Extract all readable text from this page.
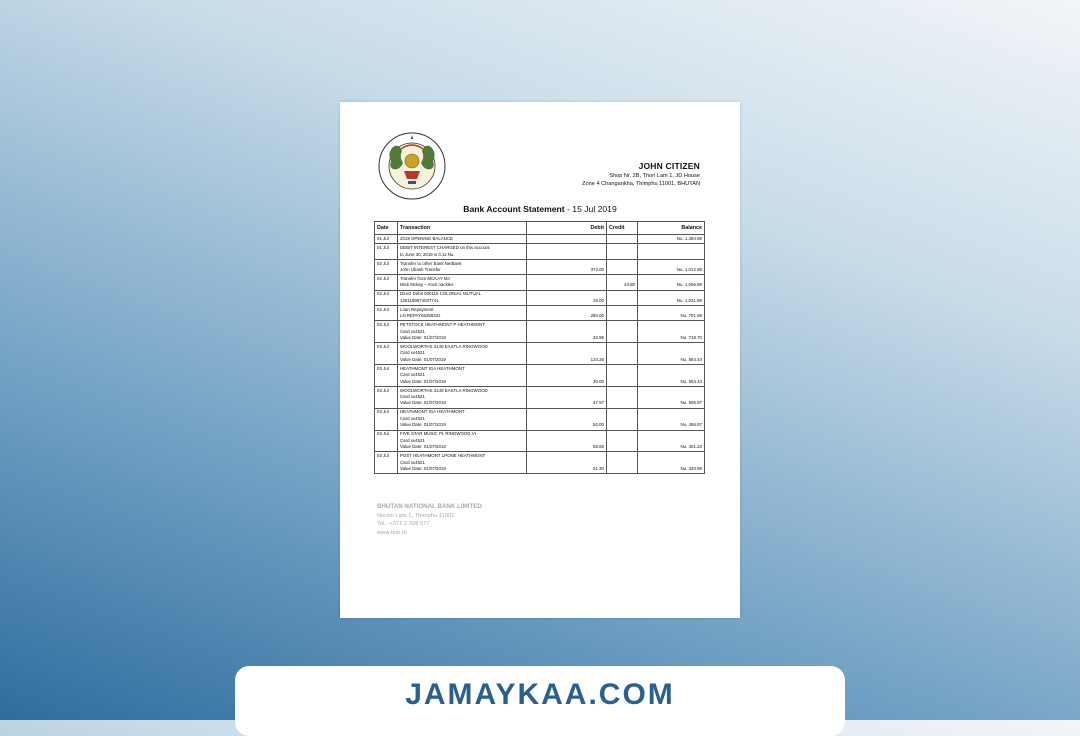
JOHN CITIZEN
Shop Nr. 2B, Thori Lam 1, JD House
Zone 4 Changankha, Thimphu 11001, BHUTAN
Bank Account Statement - 15 Jul 2019
Date	Transaction	Debit	Credit	Balance
01 Jul	2019 OPENING BALANCE			Nu. 1,384.89
01 Jul	DEBIT INTEREST CHARGED on this account
to June 30, 2019 is 0.11 Nu.			

02 Jul	Transfer to other Bank NetBank
John Ubank Transfer	372.00		Nu. 1,012.89
02 Jul	Transfer from MCKAY MJ
Mick Mckay – Anck nackles		43.80	Nu. 1,056.69
02 Jul	Direct Debit 000115 COLONIAL MUTUAL
1261189874037741	25.00		Nu. 1,031.69
02 Jul	Loan Repayment
LN REPAY65259331	280.00		Nu. 751.69
03 Jul	PETSTOCK HEATHMONT P HEATHMONT
Card xx4521
Value Date: 01/07/2019	32.99		Nu. 718.70
03 Jul	WOOLWORTHS 3149 EASTLA RINGWOOD
Card xx4521
Value Date: 01/07/2019	134.26		Nu. 584.44
03 Jul	HEATHMONT IGA HEATHMONT
Card xx4521
Value Date: 01/07/2019	30.00		Nu. 554.44
03 Jul	WOOLWORTHS 3149 EASTLA RINGWOOD
Card xx4521
Value Date: 01/07/2019	47.57		Nu. 506.87
03 Jul	HEATHMONT IGA HEATHMONT
Card xx4521
Value Date: 01/07/2019	50.00		Nu. 456.87
03 Jul	FIVE STAR MUSIC PL RINGWOOD VI
Card xx4521
Value Date: 01/07/2019	55.65		Nu. 401.22
03 Jul	POST HEATHMONT LPONE HEATHMONT
Card xx4521
Value Date: 01/07/2019	51.30		Nu. 420.99
BHUTAN NATIONAL BANK LIMITED
Norzin Lam 1, Thimphu 11001
Tel.: +971 2 328 577
www.bnb.bt
JAMAYKAA.COM
